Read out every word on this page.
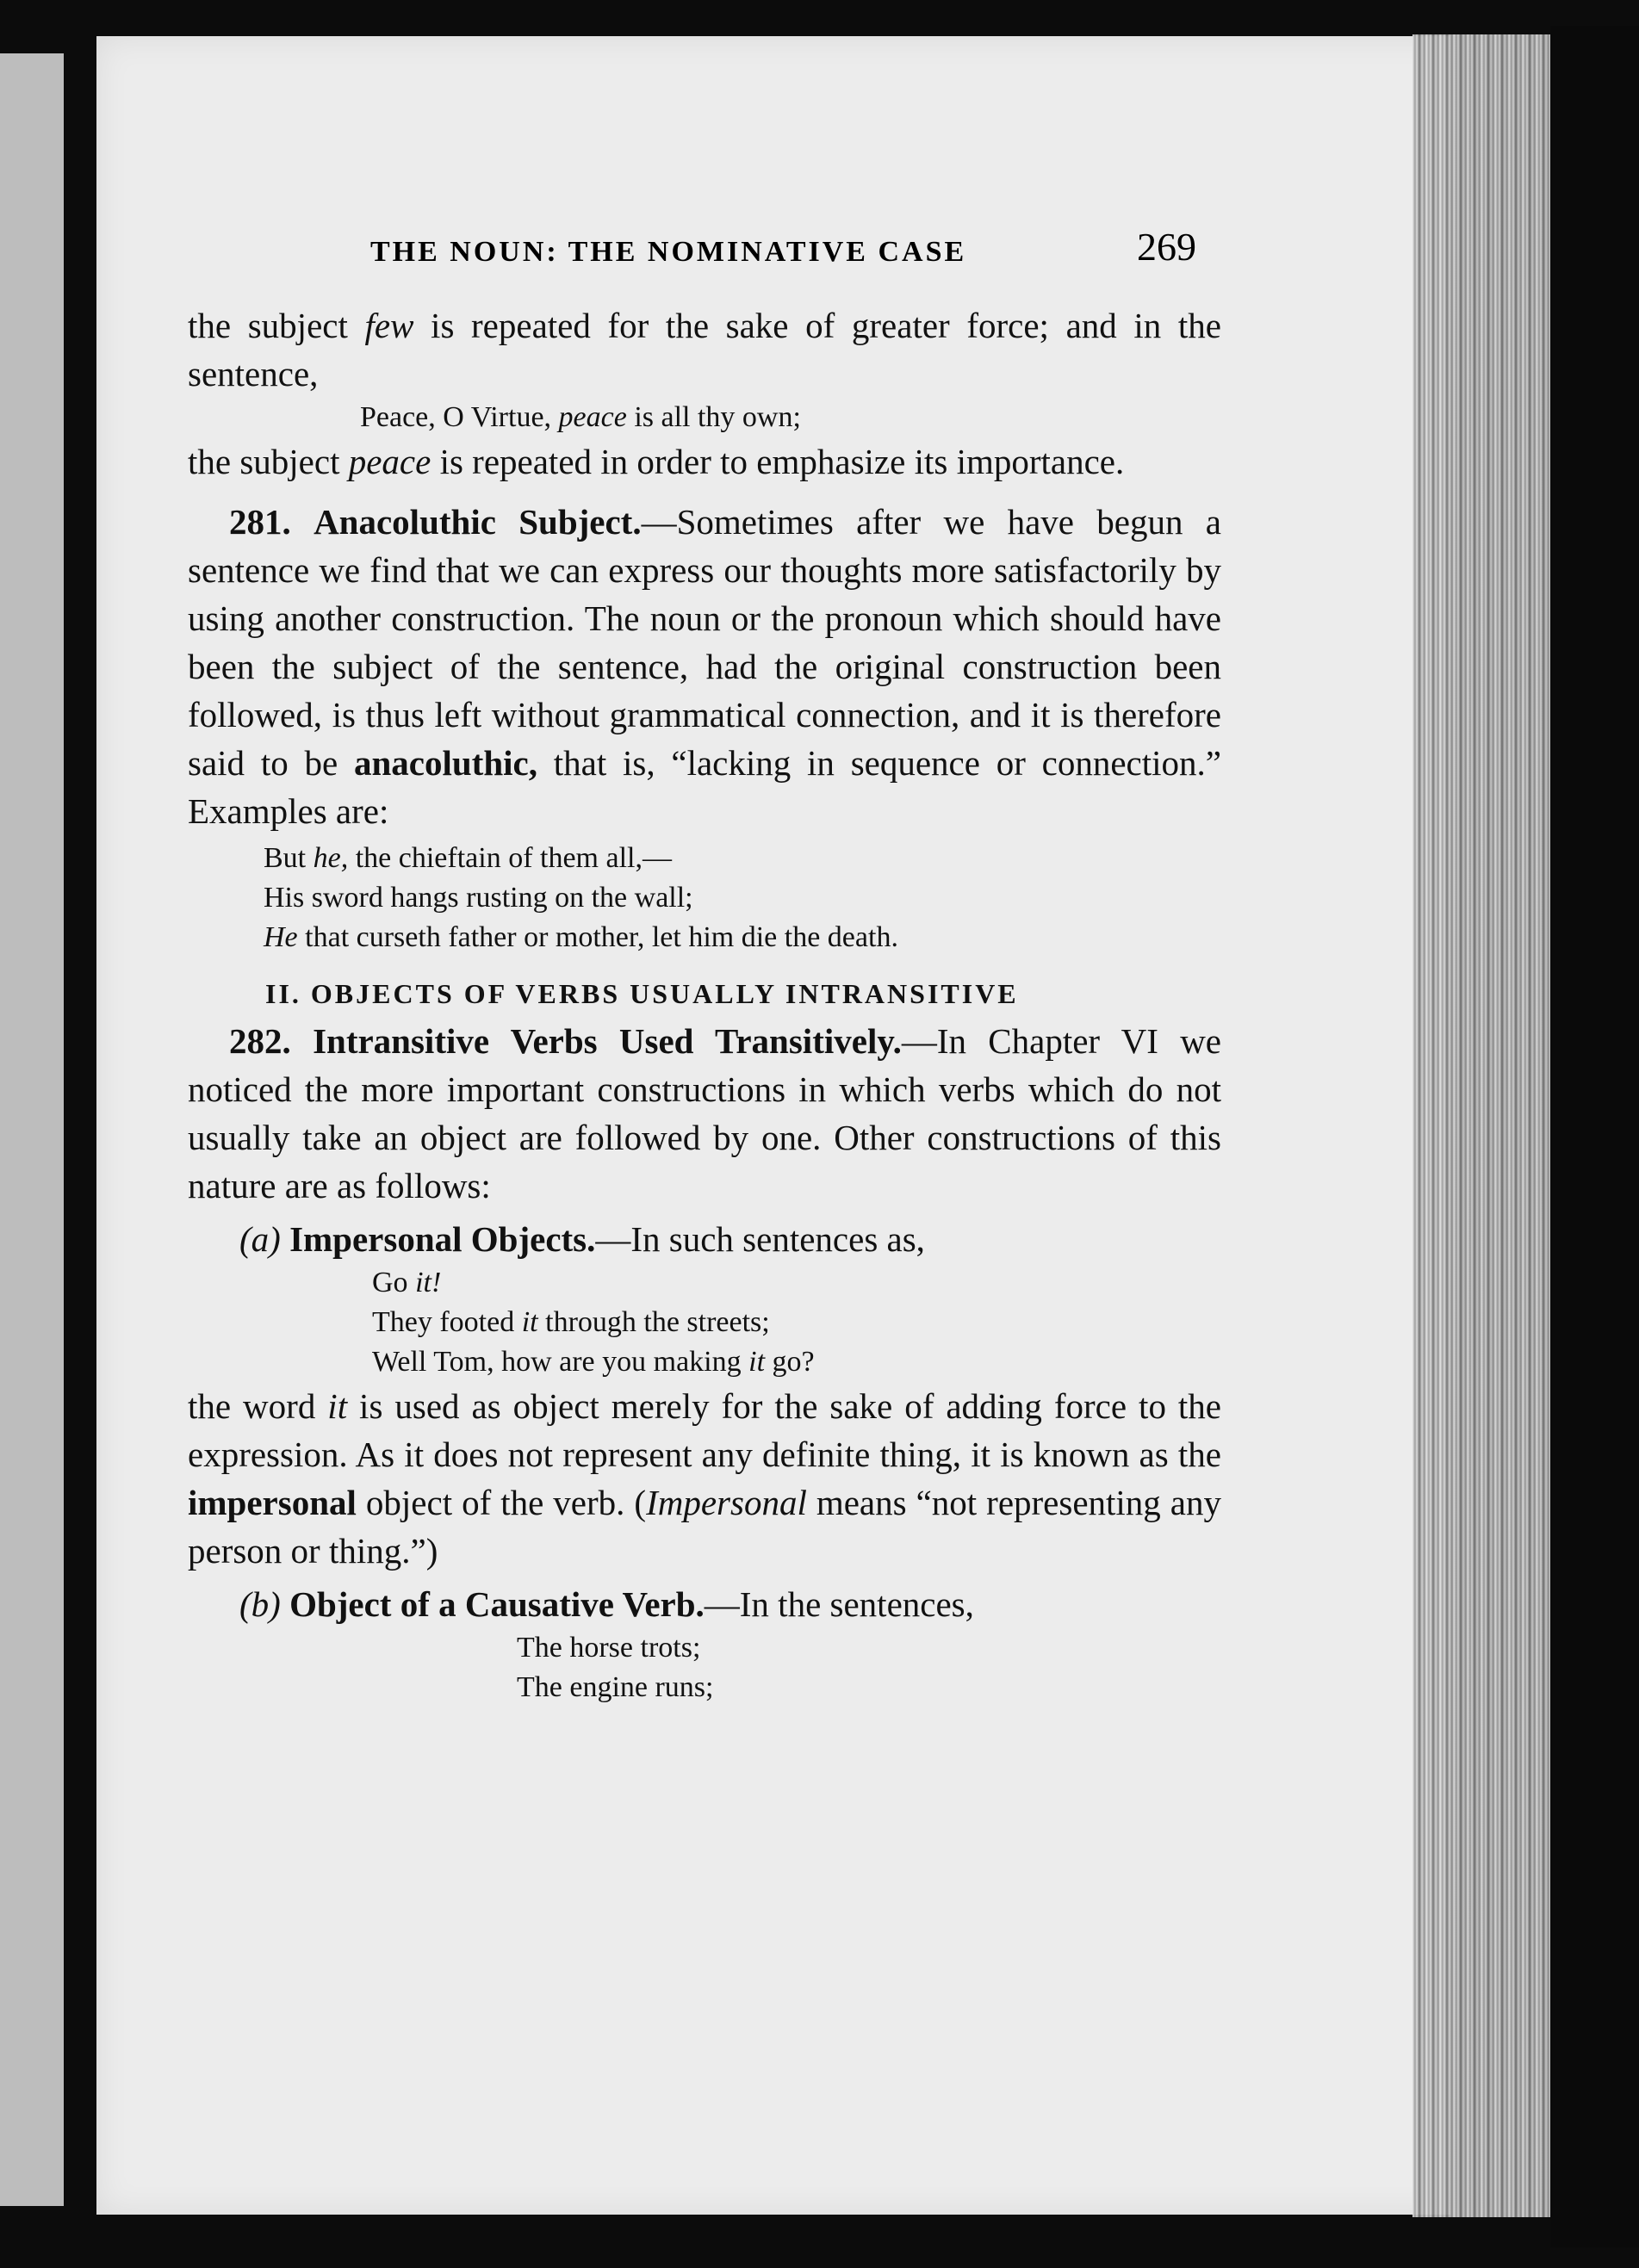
THE NOUN: THE NOMINATIVE CASE	269

the subject few is repeated for the sake of greater force; and in the sentence,

Peace, O Virtue, peace is all thy own;

the subject peace is repeated in order to emphasize its importance.

281. Anacoluthic Subject.—Sometimes after we have begun a sentence we find that we can express our thoughts more satisfactorily by using another construction. The noun or the pronoun which should have been the subject of the sentence, had the original construction been followed, is thus left without grammatical connection, and it is therefore said to be anacoluthic, that is, “lacking in sequence or connection.” Examples are:

But he, the chieftain of them all,—

His sword hangs rusting on the wall;

He that curseth father or mother, let him die the death.

II. OBJECTS OF VERBS USUALLY INTRANSITIVE

282. Intransitive Verbs Used Transitively.—In Chapter VI we noticed the more important constructions in which verbs which do not usually take an object are followed by one. Other constructions of this nature are as follows:

(a) Impersonal Objects.—In such sentences as,

Go it!

They footed it through the streets;

Well Tom, how are you making it go?

the word it is used as object merely for the sake of adding force to the expression. As it does not represent any definite thing, it is known as the impersonal object of the verb. (Impersonal means “not representing any person or thing.”)

(b) Object of a Causative Verb.—In the sentences,

The horse trots;

The engine runs;
